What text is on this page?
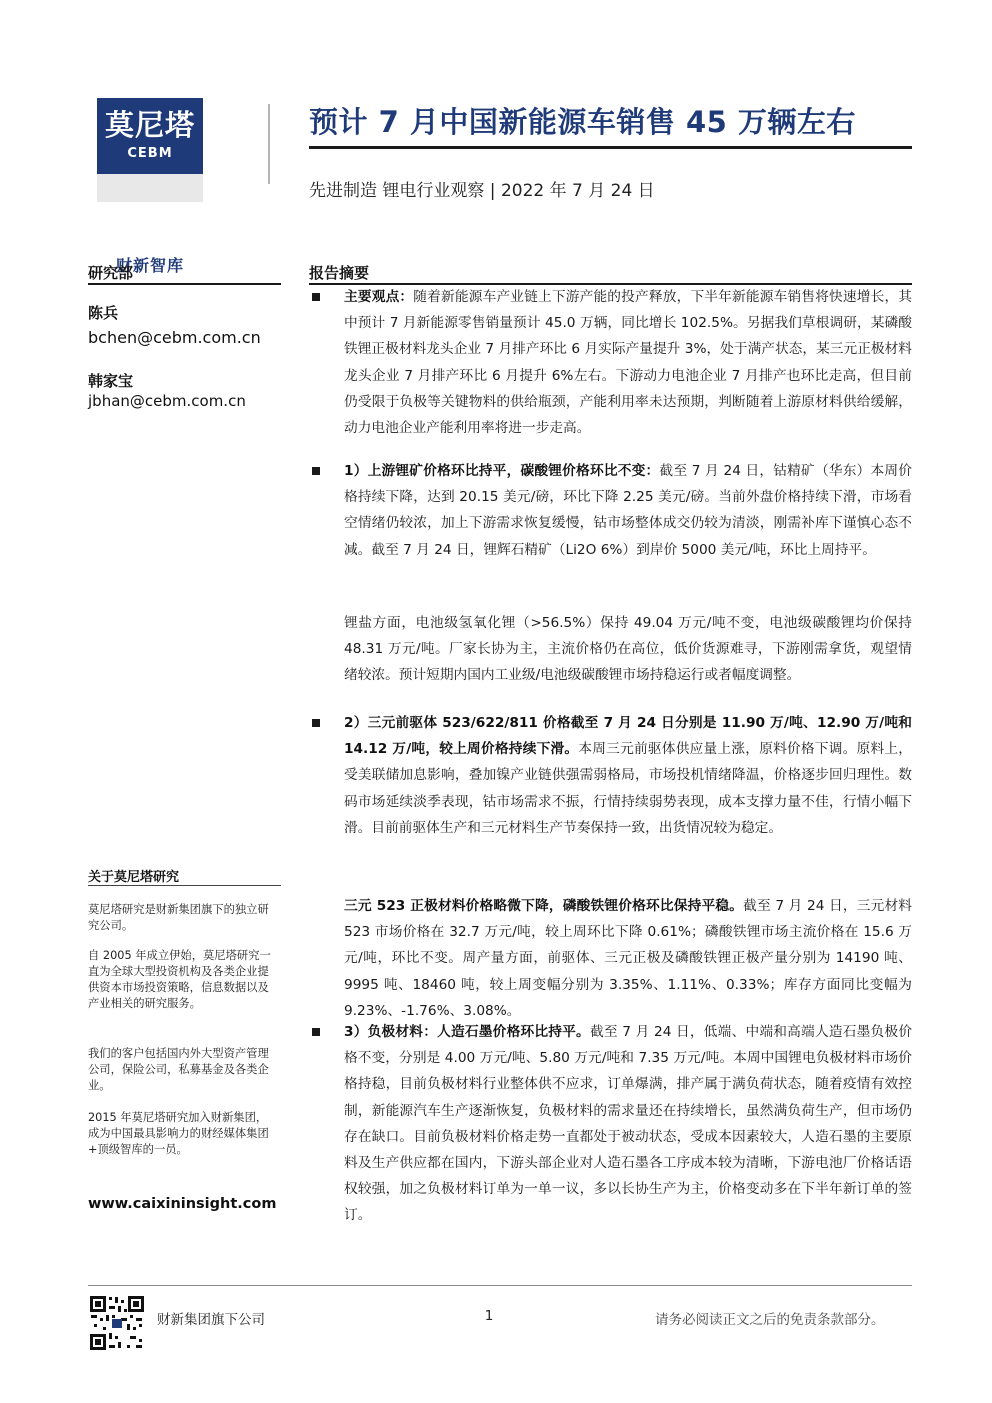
莫尼塔
CEBM
财新智库
预计 7 月中国新能源车销售 45 万辆左右
先进制造 锂电行业观察 | 2022 年 7 月 24 日
研究部	报告摘要
陈兵
bchen@cebm.com.cn
韩家宝
jbhan@cebm.com.cn
关于莫尼塔研究
莫尼塔研究是财新集团旗下的独立研究公司。
自 2005 年成立伊始，莫尼塔研究一直为全球大型投资机构及各类企业提供资本市场投资策略，信息数据以及产业相关的研究服务。
我们的客户包括国内外大型资产管理公司，保险公司，私募基金及各类企业。
2015 年莫尼塔研究加入财新集团，成为中国最具影响力的财经媒体集团+顶级智库的一员。
www.caixininsight.com
主要观点：随着新能源车产业链上下游产能的投产释放，下半年新能源车销售将快速增长，其中预计 7 月新能源零售销量预计 45.0 万辆，同比增长 102.5%。另据我们草根调研，某磷酸铁锂正极材料龙头企业 7 月排产环比 6 月实际产量提升 3%，处于满产状态，某三元正极材料龙头企业 7 月排产环比 6 月提升 6%左右。下游动力电池企业 7 月排产也环比走高，但目前仍受限于负极等关键物料的供给瓶颈，产能利用率未达预期，判断随着上游原材料供给缓解，动力电池企业产能利用率将进一步走高。
1）上游锂矿价格环比持平，碳酸锂价格环比不变：截至 7 月 24 日，钴精矿（华东）本周价格持续下降，达到 20.15 美元/磅，环比下降 2.25 美元/磅。当前外盘价格持续下滑，市场看空情绪仍较浓，加上下游需求恢复缓慢，钴市场整体成交仍较为清淡，刚需补库下谨慎心态不减。截至 7 月 24 日，锂辉石精矿（Li2O 6%）到岸价 5000 美元/吨，环比上周持平。
锂盐方面，电池级氢氧化锂（>56.5%）保持 49.04 万元/吨不变，电池级碳酸锂均价保持 48.31 万元/吨。厂家长协为主，主流价格仍在高位，低价货源难寻，下游刚需拿货，观望情绪较浓。预计短期内国内工业级/电池级碳酸锂市场持稳运行或者幅度调整。
2）三元前驱体 523/622/811 价格截至 7 月 24 日分别是 11.90 万/吨、12.90 万/吨和 14.12 万/吨，较上周价格持续下滑。本周三元前驱体供应量上涨，原料价格下调。原料上，受美联储加息影响，叠加镍产业链供强需弱格局，市场投机情绪降温，价格逐步回归理性。数码市场延续淡季表现，钴市场需求不振，行情持续弱势表现，成本支撑力量不佳，行情小幅下滑。目前前驱体生产和三元材料生产节奏保持一致，出货情况较为稳定。
三元 523 正极材料价格略微下降，磷酸铁锂价格环比保持平稳。截至 7 月 24 日，三元材料 523 市场价格在 32.7 万元/吨，较上周环比下降 0.61%；磷酸铁锂市场主流价格在 15.6 万元/吨，环比不变。周产量方面，前驱体、三元正极及磷酸铁锂正极产量分别为 14190 吨、9995 吨、18460 吨，较上周变幅分别为 3.35%、1.11%、0.33%；库存方面同比变幅为 9.23%、-1.76%、3.08%。
3）负极材料：人造石墨价格环比持平。截至 7 月 24 日，低端、中端和高端人造石墨负极价格不变，分别是 4.00 万元/吨、5.80 万元/吨和 7.35 万元/吨。本周中国锂电负极材料市场价格持稳，目前负极材料行业整体供不应求，订单爆满，排产属于满负荷状态，随着疫情有效控制，新能源汽车生产逐渐恢复，负极材料的需求量还在持续增长，虽然满负荷生产，但市场仍存在缺口。目前负极材料价格走势一直都处于被动状态，受成本因素较大，人造石墨的主要原料及生产供应都在国内，下游头部企业对人造石墨各工序成本较为清晰，下游电池厂价格话语权较强，加之负极材料订单为一单一议，多以长协生产为主，价格变动多在下半年新订单的签订。
财新集团旗下公司	1	请务必阅读正文之后的免责条款部分。
